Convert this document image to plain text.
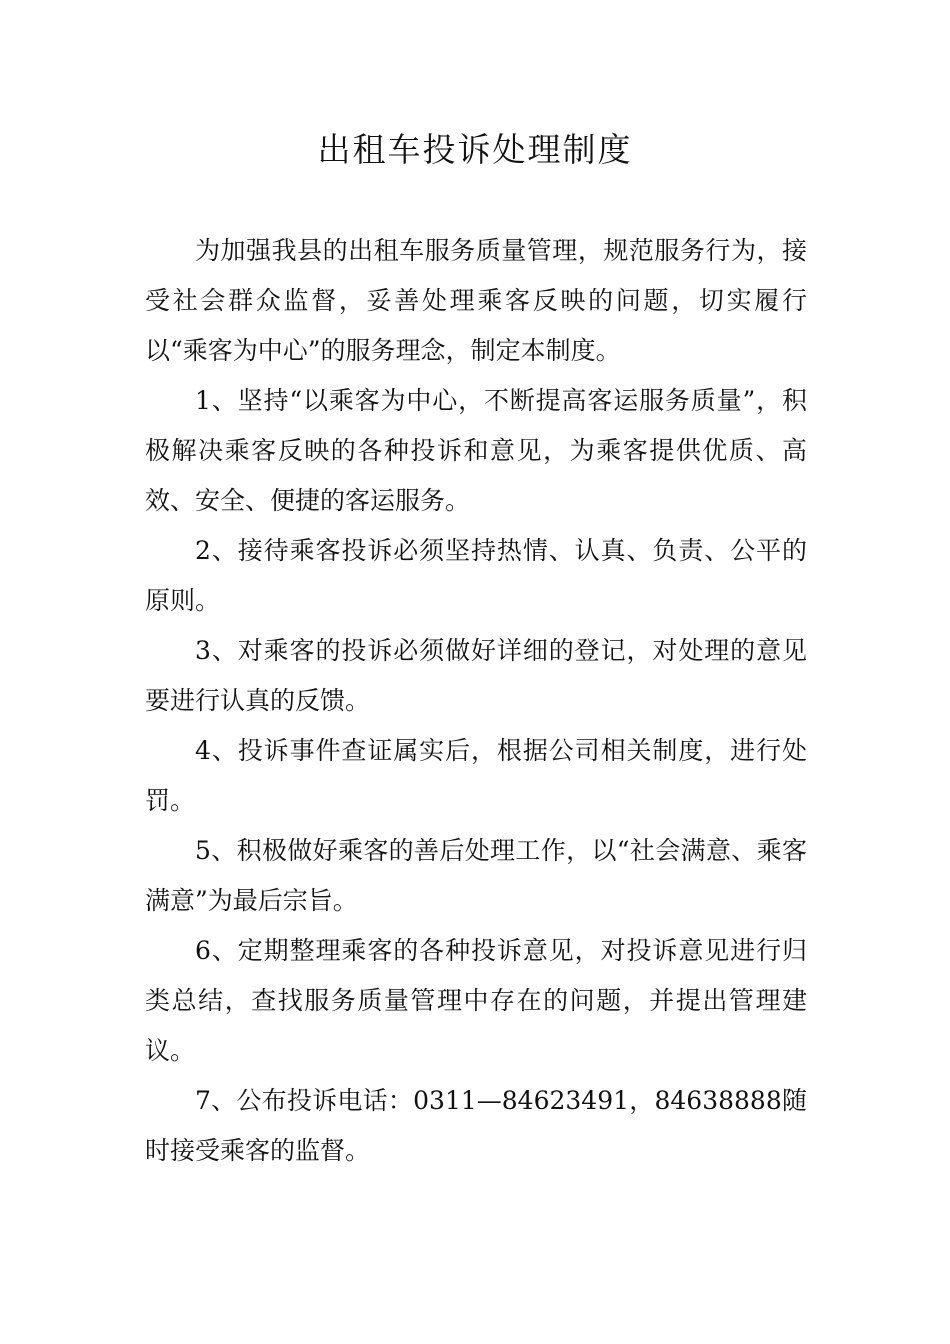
出租车投诉处理制度

为加强我县的出租车服务质量管理，规范服务行为，接受社会群众监督，妥善处理乘客反映的问题，切实履行以“乘客为中心”的服务理念，制定本制度。

1、坚持“以乘客为中心，不断提高客运服务质量”，积极解决乘客反映的各种投诉和意见，为乘客提供优质、高效、安全、便捷的客运服务。

2、接待乘客投诉必须坚持热情、认真、负责、公平的原则。

3、对乘客的投诉必须做好详细的登记，对处理的意见要进行认真的反馈。

4、投诉事件查证属实后，根据公司相关制度，进行处罚。

5、积极做好乘客的善后处理工作，以“社会满意、乘客满意”为最后宗旨。

6、定期整理乘客的各种投诉意见，对投诉意见进行归类总结，查找服务质量管理中存在的问题，并提出管理建议。

7、公布投诉电话：0311—84623491，84638888随时接受乘客的监督。
